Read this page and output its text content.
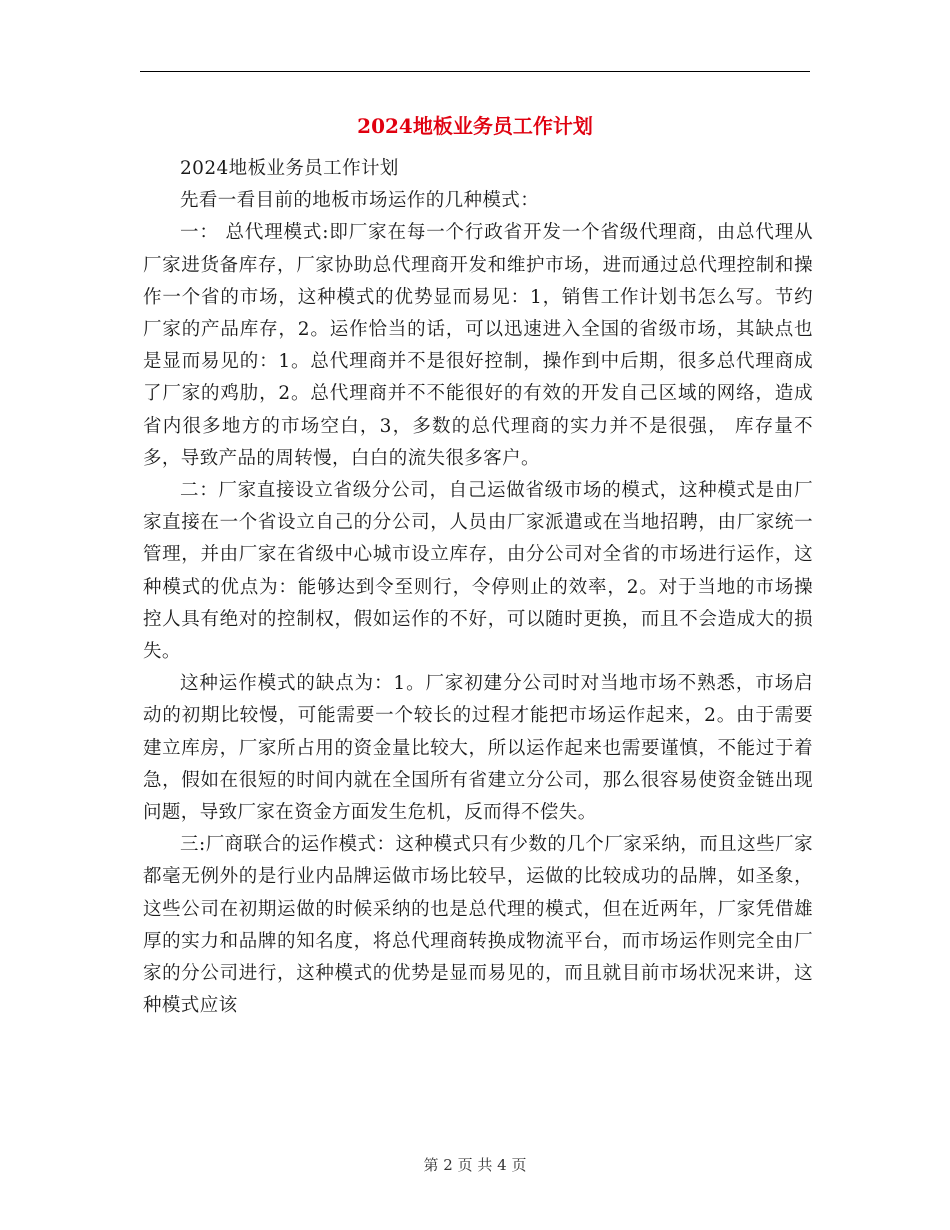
2024地板业务员工作计划

2024地板业务员工作计划

先看一看目前的地板市场运作的几种模式：

一： 总代理模式:即厂家在每一个行政省开发一个省级代理商，由总代理从厂家进货备库存，厂家协助总代理商开发和维护市场，进而通过总代理控制和操作一个省的市场，这种模式的优势显而易见：1，销售工作计划书怎么写。节约厂家的产品库存，2。运作恰当的话，可以迅速进入全国的省级市场，其缺点也是显而易见的：1。总代理商并不是很好控制，操作到中后期，很多总代理商成了厂家的鸡肋，2。总代理商并不不能很好的有效的开发自己区域的网络，造成省内很多地方的市场空白，3，多数的总代理商的实力并不是很强， 库存量不多，导致产品的周转慢，白白的流失很多客户。

二：厂家直接设立省级分公司，自己运做省级市场的模式，这种模式是由厂家直接在一个省设立自己的分公司，人员由厂家派遣或在当地招聘，由厂家统一管理，并由厂家在省级中心城市设立库存，由分公司对全省的市场进行运作，这种模式的优点为：能够达到令至则行，令停则止的效率，2。对于当地的市场操控人具有绝对的控制权，假如运作的不好，可以随时更换，而且不会造成大的损失。

这种运作模式的缺点为：1。厂家初建分公司时对当地市场不熟悉，市场启动的初期比较慢，可能需要一个较长的过程才能把市场运作起来，2。由于需要建立库房，厂家所占用的资金量比较大，所以运作起来也需要谨慎，不能过于着急，假如在很短的时间内就在全国所有省建立分公司，那么很容易使资金链出现问题，导致厂家在资金方面发生危机，反而得不偿失。

三:厂商联合的运作模式：这种模式只有少数的几个厂家采纳，而且这些厂家都毫无例外的是行业内品牌运做市场比较早，运做的比较成功的品牌，如圣象，这些公司在初期运做的时候采纳的也是总代理的模式，但在近两年，厂家凭借雄厚的实力和品牌的知名度，将总代理商转换成物流平台，而市场运作则完全由厂家的分公司进行，这种模式的优势是显而易见的，而且就目前市场状况来讲，这种模式应该

第 2 页 共 4 页
